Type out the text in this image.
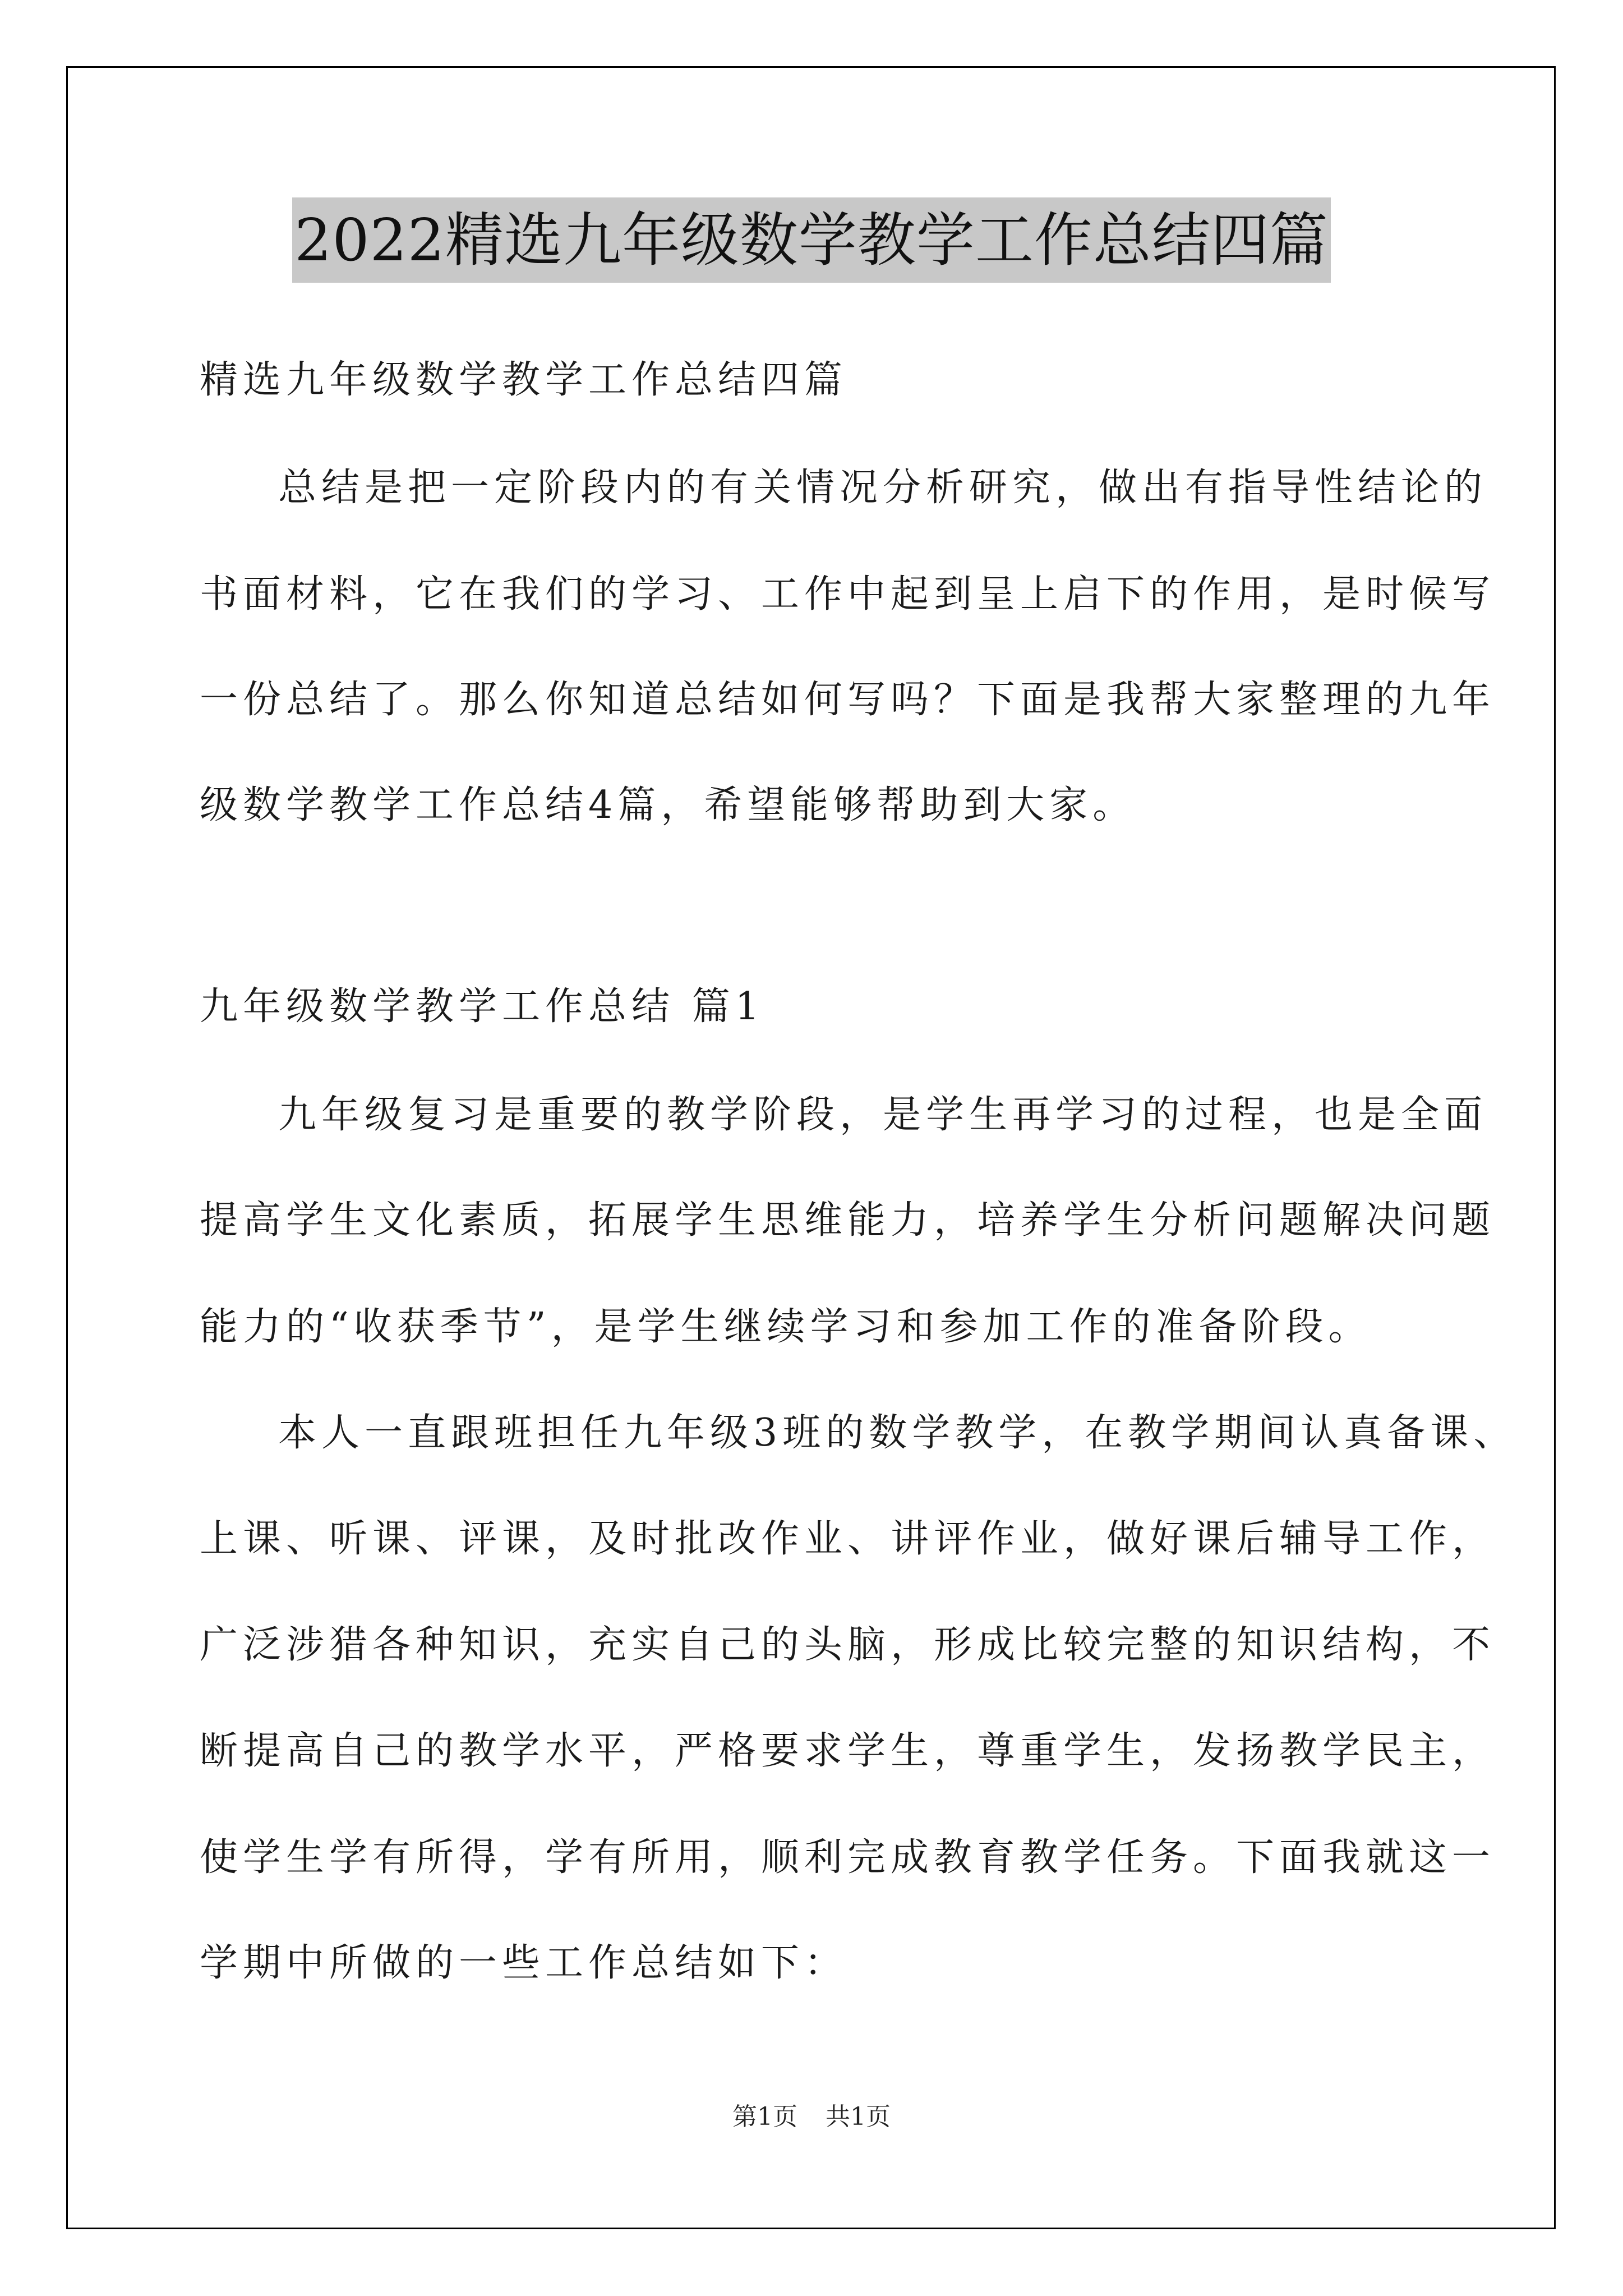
2022精选九年级数学教学工作总结四篇
精选九年级数学教学工作总结四篇
总结是把一定阶段内的有关情况分析研究，做出有指导性结论的
书面材料，它在我们的学习、工作中起到呈上启下的作用，是时候写
一份总结了。那么你知道总结如何写吗？下面是我帮大家整理的九年
级数学教学工作总结4篇，希望能够帮助到大家。
九年级数学教学工作总结 篇1
九年级复习是重要的教学阶段，是学生再学习的过程，也是全面
提高学生文化素质，拓展学生思维能力，培养学生分析问题解决问题
能力的“收获季节”，是学生继续学习和参加工作的准备阶段。
本人一直跟班担任九年级3班的数学教学，在教学期间认真备课、
上课、听课、评课，及时批改作业、讲评作业，做好课后辅导工作，
广泛涉猎各种知识，充实自己的头脑，形成比较完整的知识结构，不
断提高自己的教学水平，严格要求学生，尊重学生，发扬教学民主，
使学生学有所得，学有所用，顺利完成教育教学任务。下面我就这一
学期中所做的一些工作总结如下：
第1页 共1页
